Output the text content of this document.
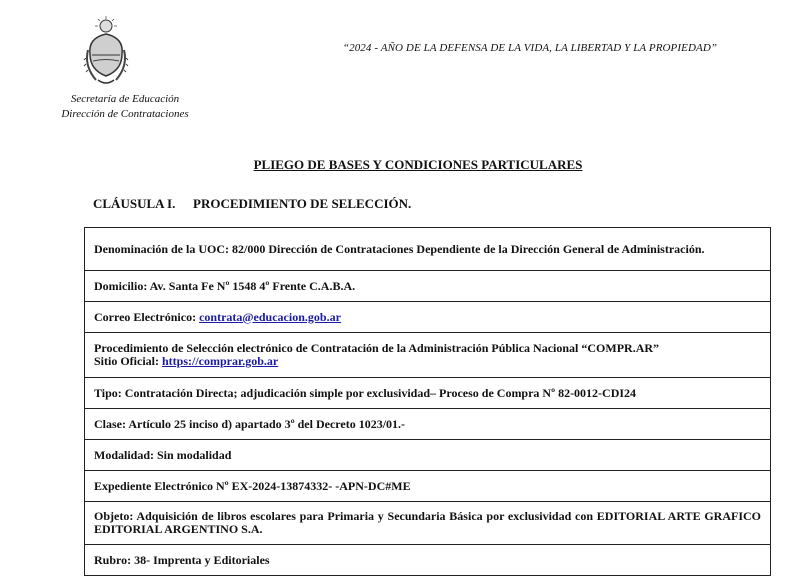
Secretaría de Educación
Dirección de Contrataciones
“2024 - AÑO DE LA DEFENSA DE LA VIDA, LA LIBERTAD Y LA PROPIEDAD”
PLIEGO DE BASES Y CONDICIONES PARTICULARES
CLÁUSULA I. PROCEDIMIENTO DE SELECCIÓN.
Denominación de la UOC: 82/000 Dirección de Contrataciones Dependiente de la Dirección General de Administración.
Domicilio: Av. Santa Fe Nº 1548 4º Frente C.A.B.A.
Correo Electrónico: contrata@educacion.gob.ar

Procedimiento de Selección electrónico de Contratación de la Administración Pública Nacional “COMPR.AR”
Sitio Oficial: https://comprar.gob.ar

Tipo: Contratación Directa; adjudicación simple por exclusividad– Proceso de Compra Nº 82-0012-CDI24
Clase: Artículo 25 inciso d) apartado 3º del Decreto 1023/01.-
Modalidad: Sin modalidad
Expediente Electrónico Nº EX-2024-13874332- -APN-DC#ME
Objeto: Adquisición de libros escolares para Primaria y Secundaria Básica por exclusividad con EDITORIAL ARTE GRAFICO EDITORIAL ARGENTINO S.A.
Rubro: 38- Imprenta y Editoriales
